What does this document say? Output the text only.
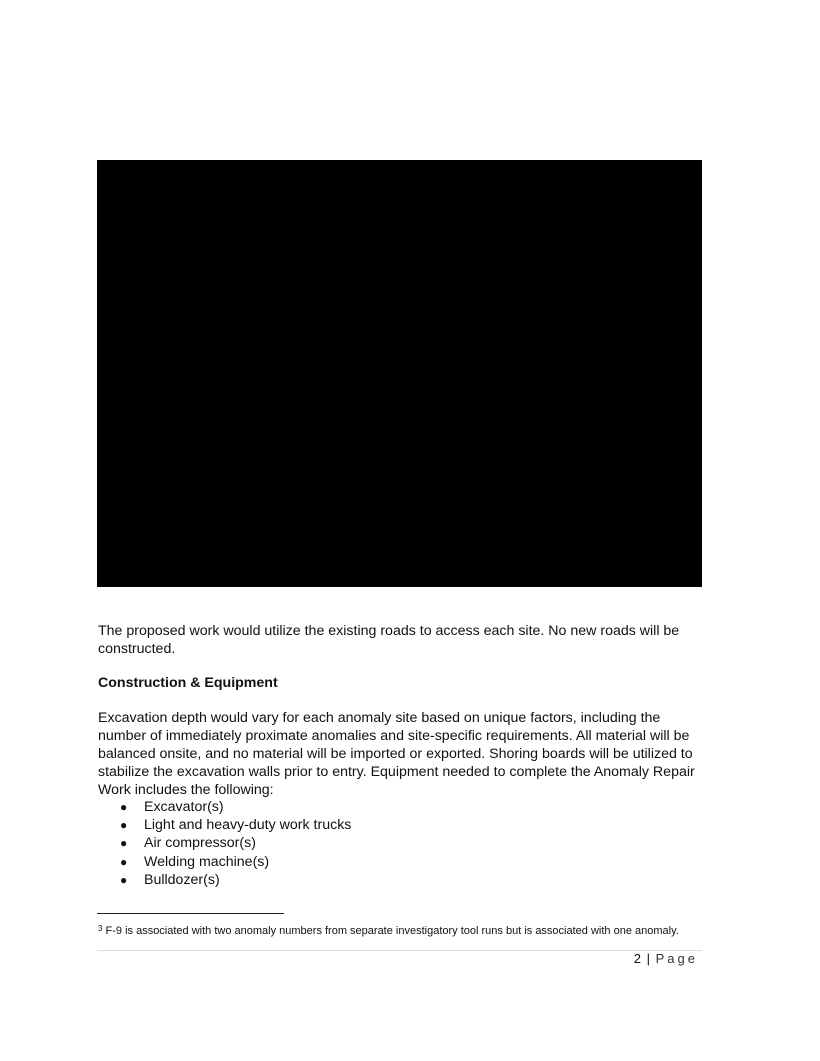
The proposed work would utilize the existing roads to access each site. No new roads will be constructed.

Construction & Equipment

Excavation depth would vary for each anomaly site based on unique factors, including the number of immediately proximate anomalies and site-specific requirements. All material will be balanced onsite, and no material will be imported or exported. Shoring boards will be utilized to stabilize the excavation walls prior to entry. Equipment needed to complete the Anomaly Repair Work includes the following:

● Excavator(s)
● Light and heavy-duty work trucks
● Air compressor(s)
● Welding machine(s)
● Bulldozer(s)

$^3$ F-9 is associated with two anomaly numbers from separate investigatory tool runs but is associated with one anomaly.

2 | Page
